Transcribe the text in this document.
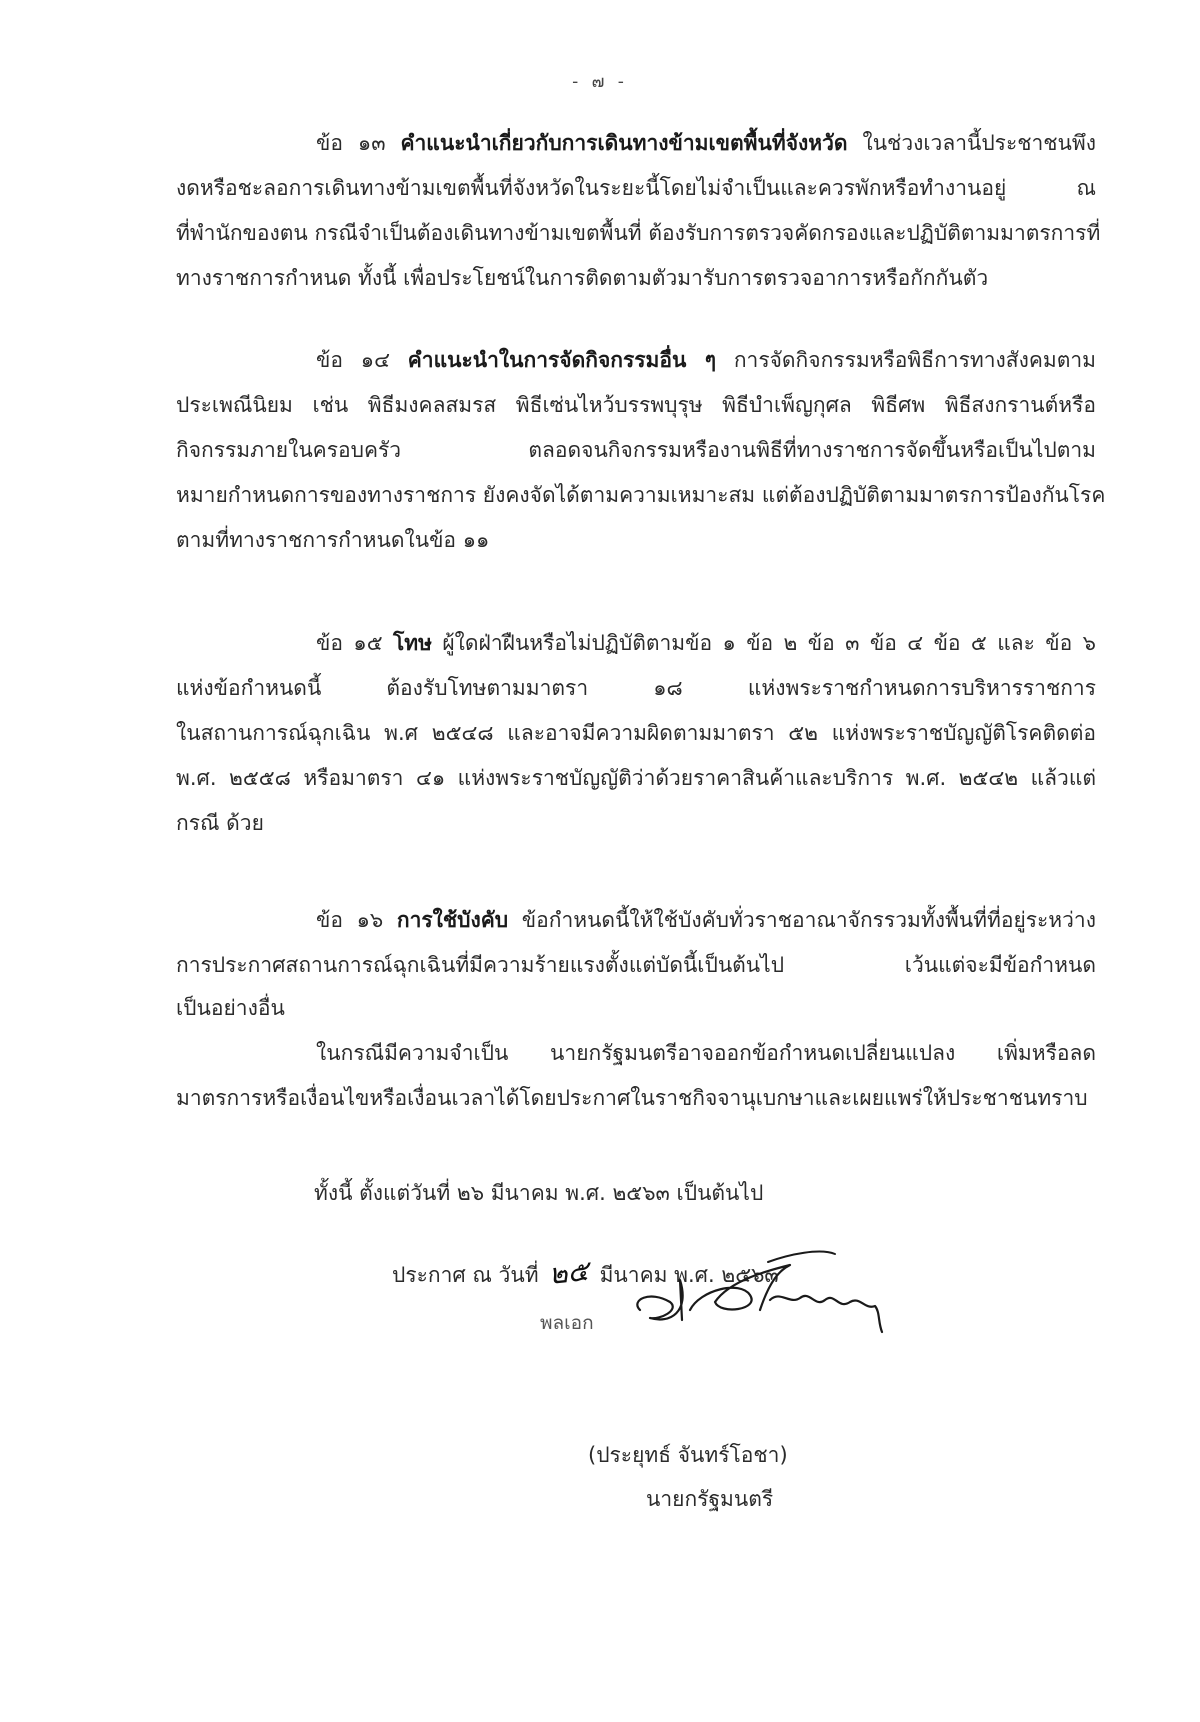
- ๗ -
ข้อ ๑๓ คำแนะนำเกี่ยวกับการเดินทางข้ามเขตพื้นที่จังหวัด ในช่วงเวลานี้ประชาชนพึง
งดหรือชะลอการเดินทางข้ามเขตพื้นที่จังหวัดในระยะนี้โดยไม่จำเป็นและควรพักหรือทำงานอยู่ ณ
ที่พำนักของตน กรณีจำเป็นต้องเดินทางข้ามเขตพื้นที่ ต้องรับการตรวจคัดกรองและปฏิบัติตามมาตรการที่
ทางราชการกำหนด ทั้งนี้ เพื่อประโยชน์ในการติดตามตัวมารับการตรวจอาการหรือกักกันตัว
ข้อ ๑๔ คำแนะนำในการจัดกิจกรรมอื่น ๆ การจัดกิจกรรมหรือพิธีการทางสังคมตาม
ประเพณีนิยม เช่น พิธีมงคลสมรส พิธีเซ่นไหว้บรรพบุรุษ พิธีบำเพ็ญกุศล พิธีศพ พิธีสงกรานต์หรือ
กิจกรรมภายในครอบครัว ตลอดจนกิจกรรมหรืองานพิธีที่ทางราชการจัดขึ้นหรือเป็นไปตาม
หมายกำหนดการของทางราชการ ยังคงจัดได้ตามความเหมาะสม แต่ต้องปฏิบัติตามมาตรการป้องกันโรค
ตามที่ทางราชการกำหนดในข้อ ๑๑
ข้อ ๑๕ โทษ ผู้ใดฝ่าฝืนหรือไม่ปฏิบัติตามข้อ ๑ ข้อ ๒ ข้อ ๓ ข้อ ๔ ข้อ ๕ และ ข้อ ๖
แห่งข้อกำหนดนี้ ต้องรับโทษตามมาตรา ๑๘ แห่งพระราชกำหนดการบริหารราชการ
ในสถานการณ์ฉุกเฉิน พ.ศ ๒๕๔๘ และอาจมีความผิดตามมาตรา ๕๒ แห่งพระราชบัญญัติโรคติดต่อ
พ.ศ. ๒๕๕๘ หรือมาตรา ๔๑ แห่งพระราชบัญญัติว่าด้วยราคาสินค้าและบริการ พ.ศ. ๒๕๔๒ แล้วแต่
กรณี ด้วย
ข้อ ๑๖ การใช้บังคับ ข้อกำหนดนี้ให้ใช้บังคับทั่วราชอาณาจักรรวมทั้งพื้นที่ที่อยู่ระหว่าง
การประกาศสถานการณ์ฉุกเฉินที่มีความร้ายแรงตั้งแต่บัดนี้เป็นต้นไป เว้นแต่จะมีข้อกำหนด
เป็นอย่างอื่น
ในกรณีมีความจำเป็น นายกรัฐมนตรีอาจออกข้อกำหนดเปลี่ยนแปลง เพิ่มหรือลด
มาตรการหรือเงื่อนไขหรือเงื่อนเวลาได้โดยประกาศในราชกิจจานุเบกษาและเผยแพร่ให้ประชาชนทราบ
ทั้งนี้ ตั้งแต่วันที่ ๒๖ มีนาคม พ.ศ. ๒๕๖๓ เป็นต้นไป
ประกาศ ณ วันที่ ๒๕ มีนาคม พ.ศ. ๒๕๖๓
พลเอก
(ประยุทธ์ จันทร์โอชา)
นายกรัฐมนตรี
